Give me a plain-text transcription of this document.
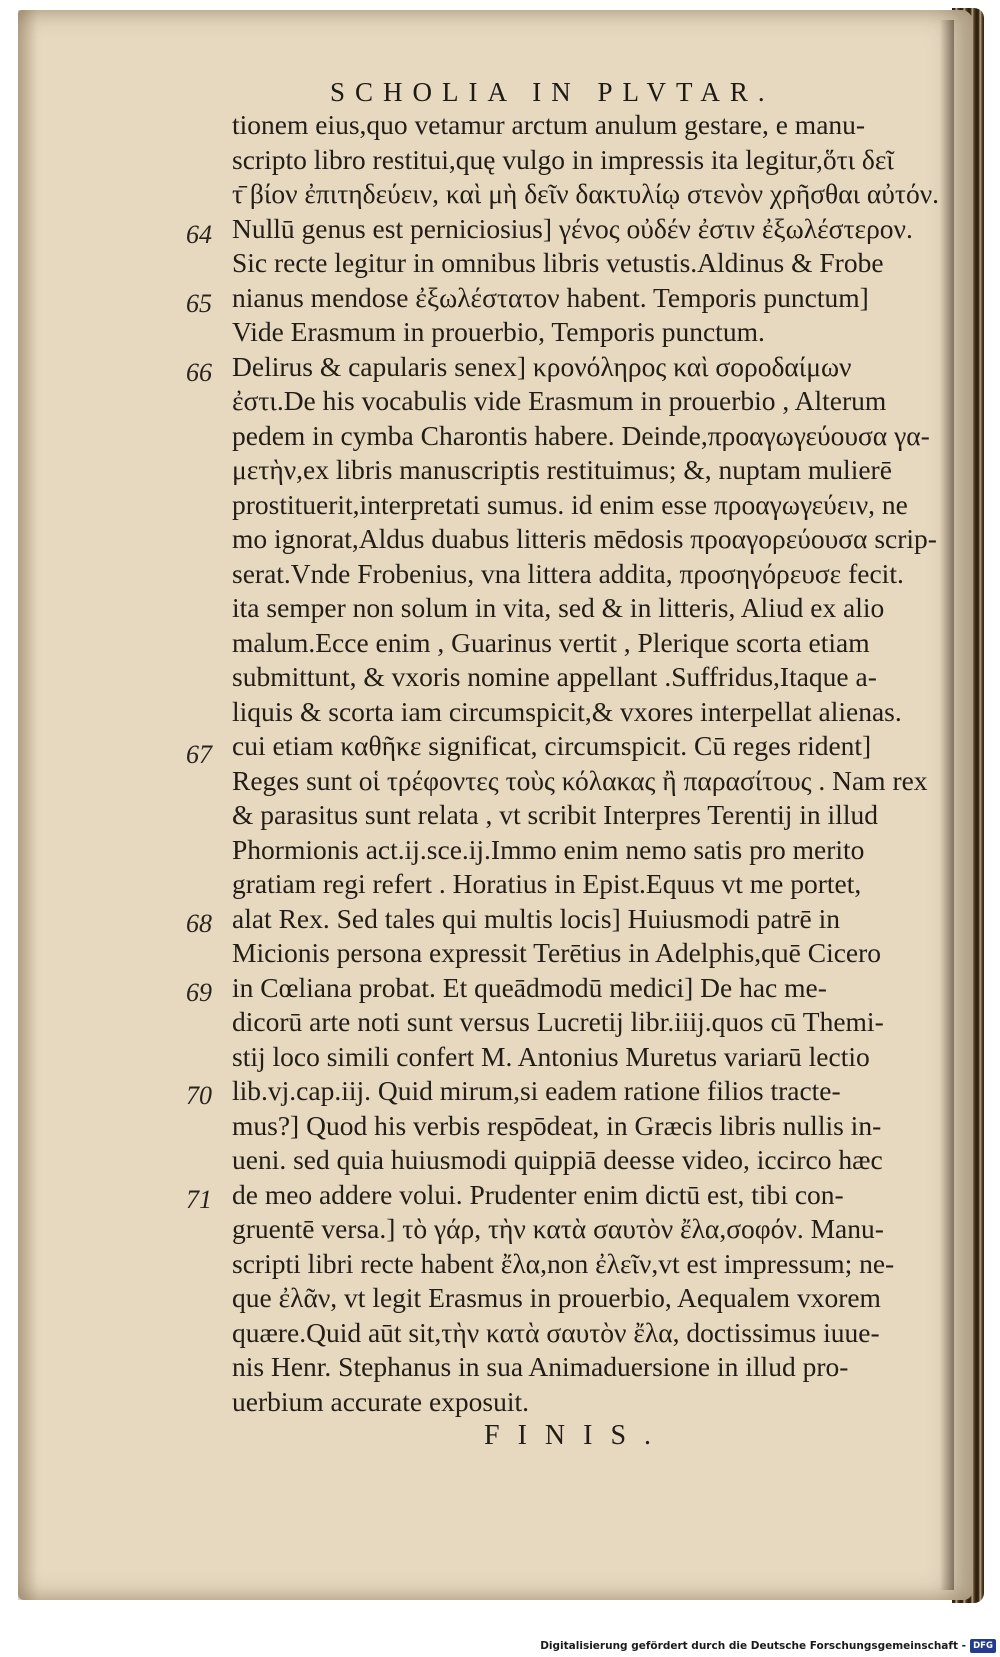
SCHOLIA IN PLVTAR.
64
65
66
67
68
69
70
71
tionem eius,quo vetamur arctum anulum gestare, e manu-
scripto libro restitui,quę vulgo in impressis ita legitur,ὅτι δεῖ
τ̄ βίον ἐπιτηδεύειν, καὶ μὴ δεῖν δακτυλίῳ στενὸν χρῆσθαι αὐτόν.
Nullū genus est perniciosius] γένος οὐδέν ἐστιν ἐξωλέστερον.
Sic recte legitur in omnibus libris vetustis.Aldinus & Frobe
nianus mendose ἐξωλέστατον habent. Temporis punctum]
Vide Erasmum in prouerbio, Temporis punctum.
Delirus & capularis senex] κρονόληρος καὶ σοροδαίμων
ἐστι.De his vocabulis vide Erasmum in prouerbio , Alterum
pedem in cymba Charontis habere. Deinde,προαγωγεύουσα γα-
μετὴν,ex libris manuscriptis restituimus; &, nuptam mulierē
prostituerit,interpretati sumus. id enim esse προαγωγεύειν, ne
mo ignorat,Aldus duabus litteris mēdosis προαγορεύουσα scrip-
serat.Vnde Frobenius, vna littera addita, προσηγόρευσε fecit.
ita semper non solum in vita, sed & in litteris, Aliud ex alio
malum.Ecce enim , Guarinus vertit , Plerique scorta etiam
submittunt, & vxoris nomine appellant .Suffridus,Itaque a-
liquis & scorta iam circumspicit,& vxores interpellat alienas.
cui etiam καθῆκε significat, circumspicit. Cū reges rident]
Reges sunt οἱ τρέφοντες τοὺς κόλακας ἢ παρασίτους . Nam rex
& parasitus sunt relata , vt scribit Interpres Terentij in illud
Phormionis act.ij.sce.ij.Immo enim nemo satis pro merito
gratiam regi refert . Horatius in Epist.Equus vt me portet,
alat Rex. Sed tales qui multis locis] Huiusmodi patrē in
Micionis persona expressit Terētius in Adelphis,quē Cicero
in Cœliana probat. Et queādmodū medici] De hac me-
dicorū arte noti sunt versus Lucretij libr.iiij.quos cū Themi-
stij loco simili confert M. Antonius Muretus variarū lectio
lib.vj.cap.iij. Quid mirum,si eadem ratione filios tracte-
mus?] Quod his verbis respōdeat, in Græcis libris nullis in-
ueni. sed quia huiusmodi quippiā deesse video, iccirco hæc
de meo addere volui. Prudenter enim dictū est, tibi con-
gruentē versa.] τὸ γάρ, τὴν κατὰ σαυτὸν ἔλα,σοφόν. Manu-
scripti libri recte habent ἔλα,non ἐλεῖν,vt est impressum; ne-
que ἐλᾶν, vt legit Erasmus in prouerbio, Aequalem vxorem
quære.Quid aūt sit,τὴν κατὰ σαυτὸν ἔλα, doctissimus iuue-
nis Henr. Stephanus in sua Animaduersione in illud pro-
uerbium accurate exposuit.
FINIS.
Digitalisierung gefördert durch die Deutsche Forschungsgemeinschaft - DFG
